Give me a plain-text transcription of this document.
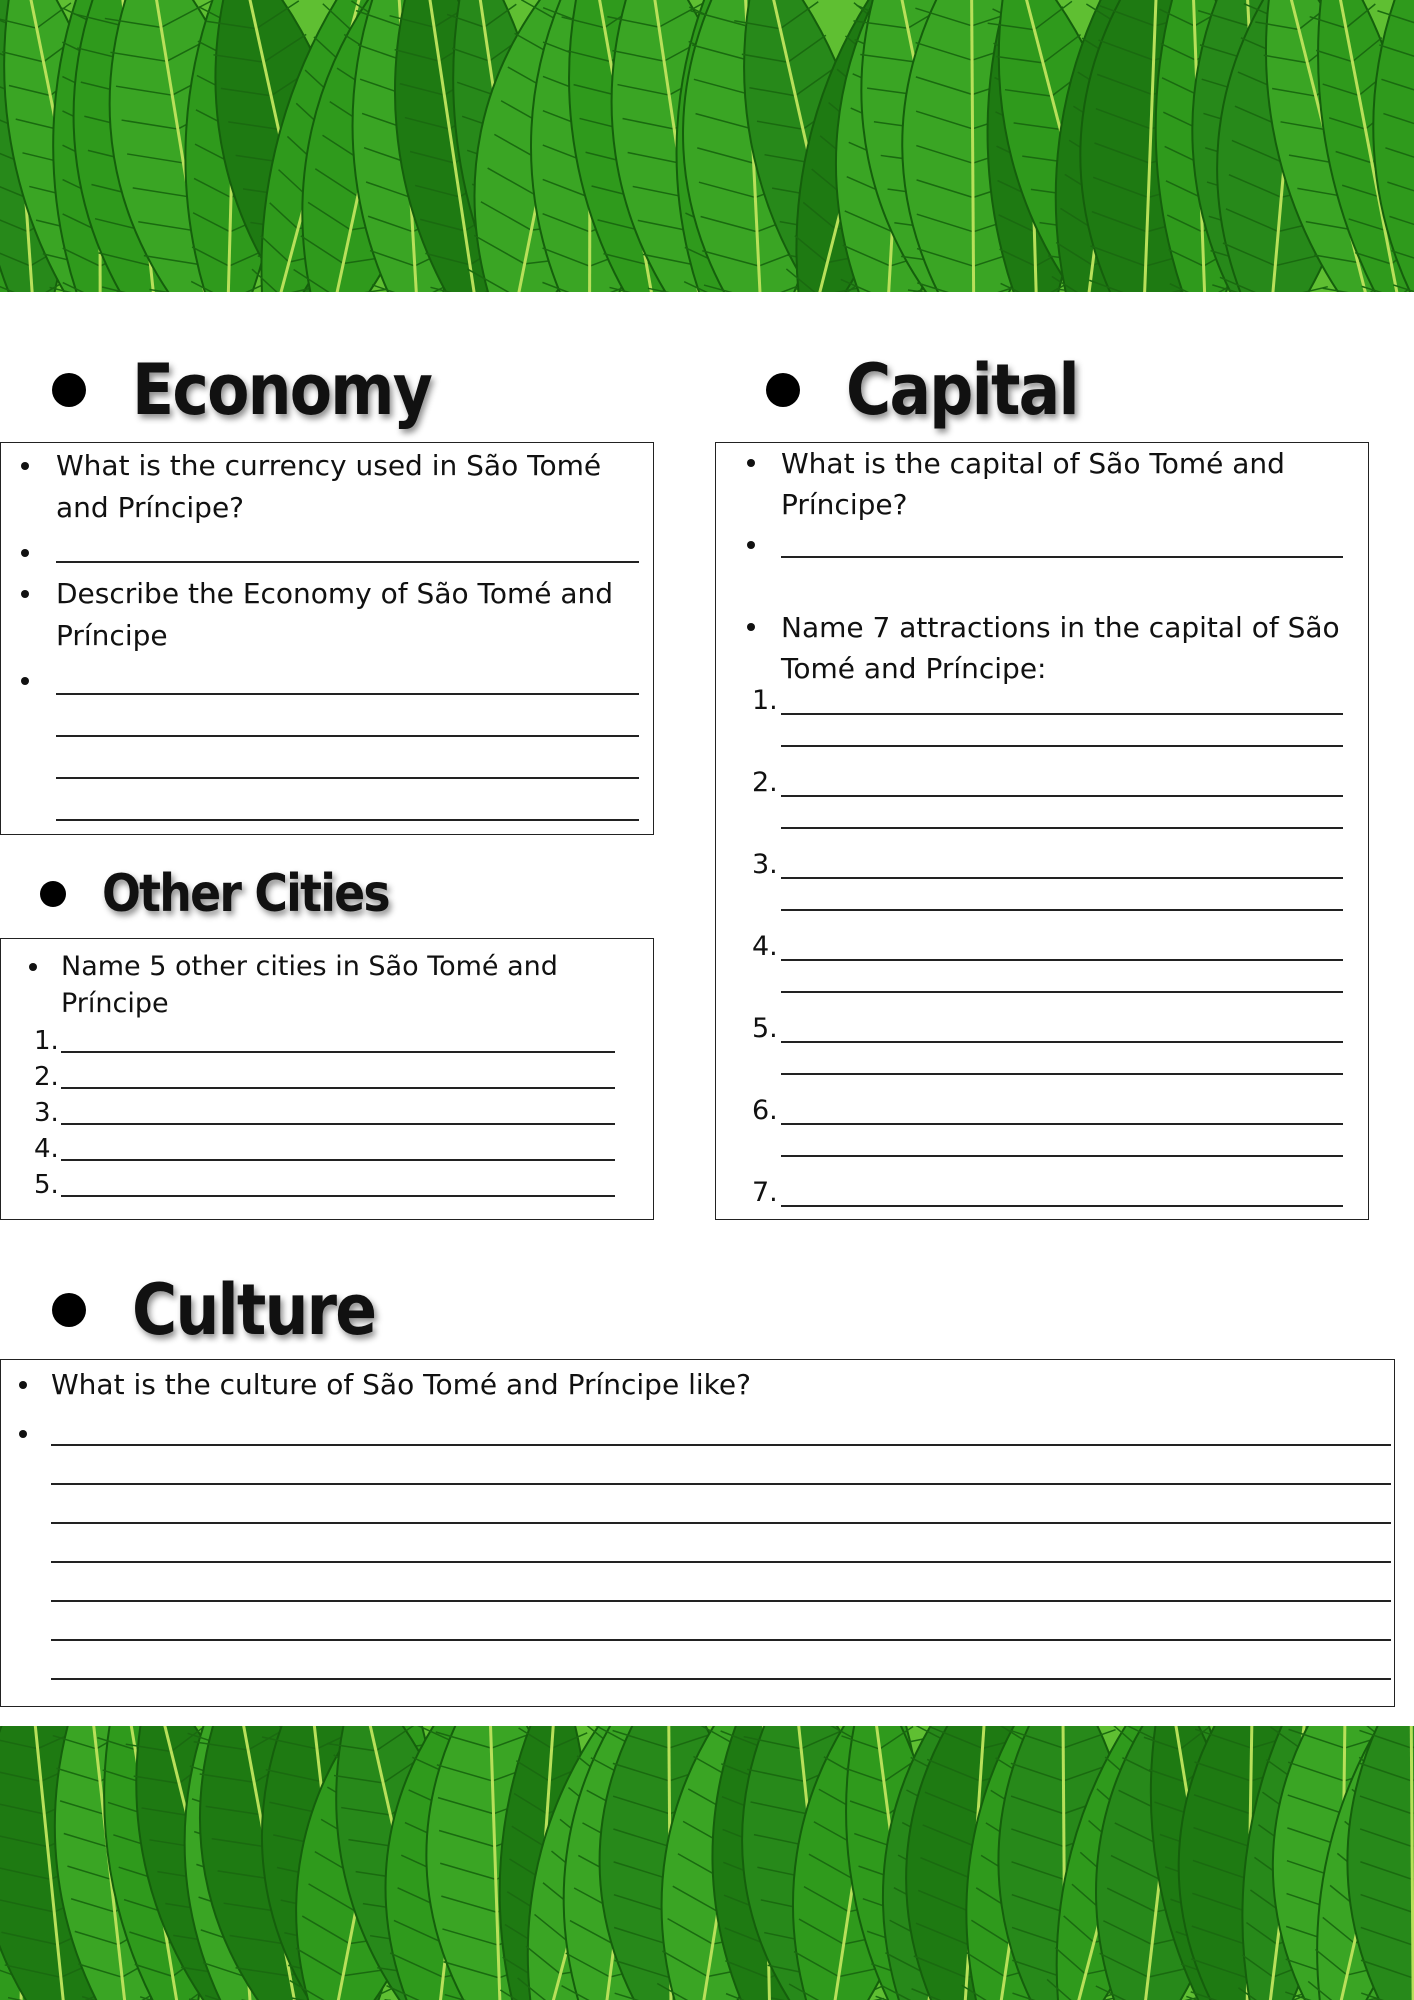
Economy
What is the currency used in São Tomé and Príncipe?
Describe the Economy of São Tomé and Príncipe
Capital
What is the capital of São Tomé and Príncipe?
Name 7 attractions in the capital of São Tomé and Príncipe:
1.
2.
3.
4.
5.
6.
7.
Other Cities
Name 5 other cities in São Tomé and Príncipe
1.
2.
3.
4.
5.
Culture
What is the culture of São Tomé and Príncipe like?
